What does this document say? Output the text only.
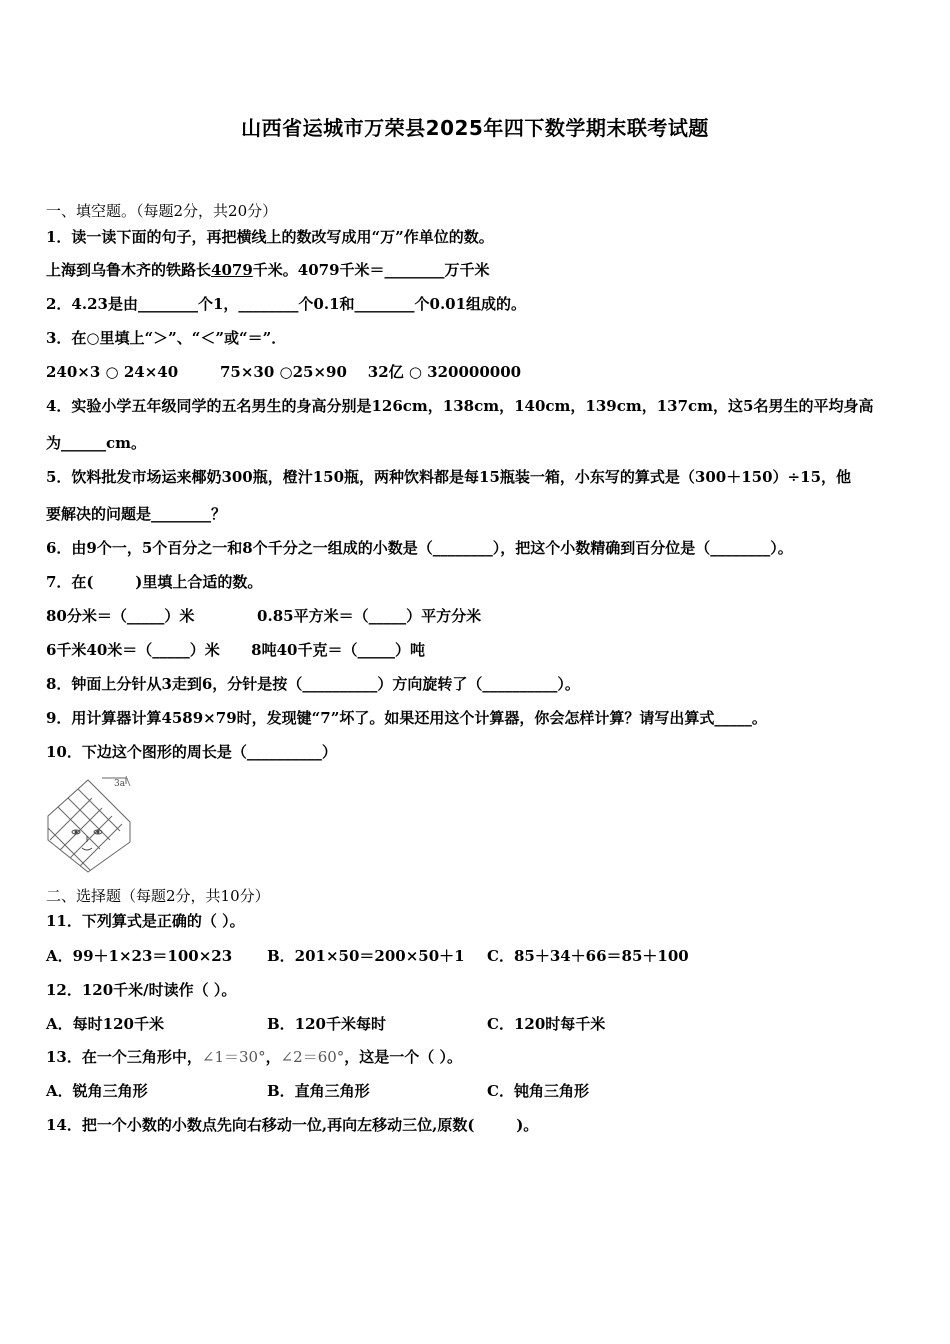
山西省运城市万荣县2025年四下数学期末联考试题
一、填空题。（每题2分，共20分）
1．读一读下面的句子，再把横线上的数改写成用“万”作单位的数。
上海到乌鲁木齐的铁路长4079千米。4079千米＝________万千米
2．4.23是由________个1，________个0.1和________个0.01组成的。
3．在○里填上“＞”、“＜”或“＝”．
240×3 ○ 24×40        75×30 ○25×90    32亿 ○ 320000000
4．实验小学五年级同学的五名男生的身高分别是126cm，138cm，140cm，139cm，137cm，这5名男生的平均身高
为______cm。
5．饮料批发市场运来椰奶300瓶，橙汁150瓶，两种饮料都是每15瓶装一箱，小东写的算式是（300＋150）÷15，他
要解决的问题是________？
6．由9个一，5个百分之一和8个千分之一组成的小数是（________），把这个小数精确到百分位是（________）。
7．在(        )里填上合适的数。
80分米＝（_____）米            0.85平方米＝（_____）平方分米
6千米40米＝（_____）米      8吨40千克＝（_____）吨
8．钟面上分针从3走到6，分针是按（__________）方向旋转了（__________）。
9．用计算器计算4589×79时，发现键“7”坏了。如果还用这个计算器，你会怎样计算？请写出算式_____。
10．下边这个图形的周长是（__________）
3a
二、选择题（每题2分，共10分）
11．下列算式是正确的（ ）。
A．99＋1×23＝100×23 B．201×50＝200×50＋1 C．85＋34＋66＝85＋100
12．120千米/时读作（ ）。
A．每时120千米	B．120千米每时	C．120时每千米
13．在一个三角形中，∠1＝30°，∠2＝60°，这是一个（ ）。
A．锐角三角形	B．直角三角形	C．钝角三角形
14．把一个小数的小数点先向右移动一位,再向左移动三位,原数(        )。
